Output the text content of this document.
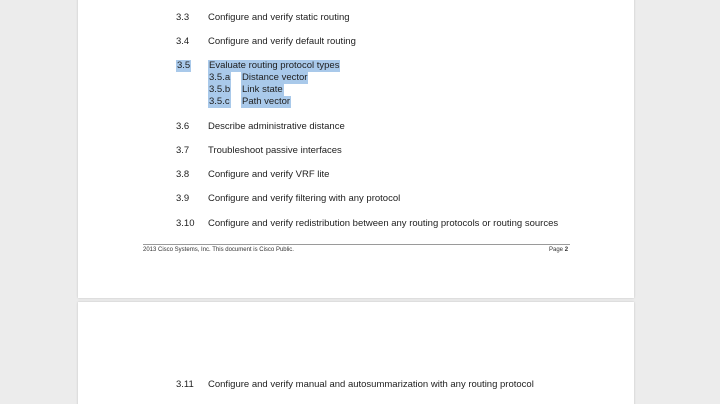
3.3 Configure and verify static routing
3.4 Configure and verify default routing
3.5 Evaluate routing protocol types
3.5.a Distance vector
3.5.b Link state
3.5.c Path vector
3.6 Describe administrative distance
3.7 Troubleshoot passive interfaces
3.8 Configure and verify VRF lite
3.9 Configure and verify filtering with any protocol
3.10 Configure and verify redistribution between any routing protocols or routing sources
2013 Cisco Systems, Inc. This document is Cisco Public.	Page 2
3.11 Configure and verify manual and autosummarization with any routing protocol
